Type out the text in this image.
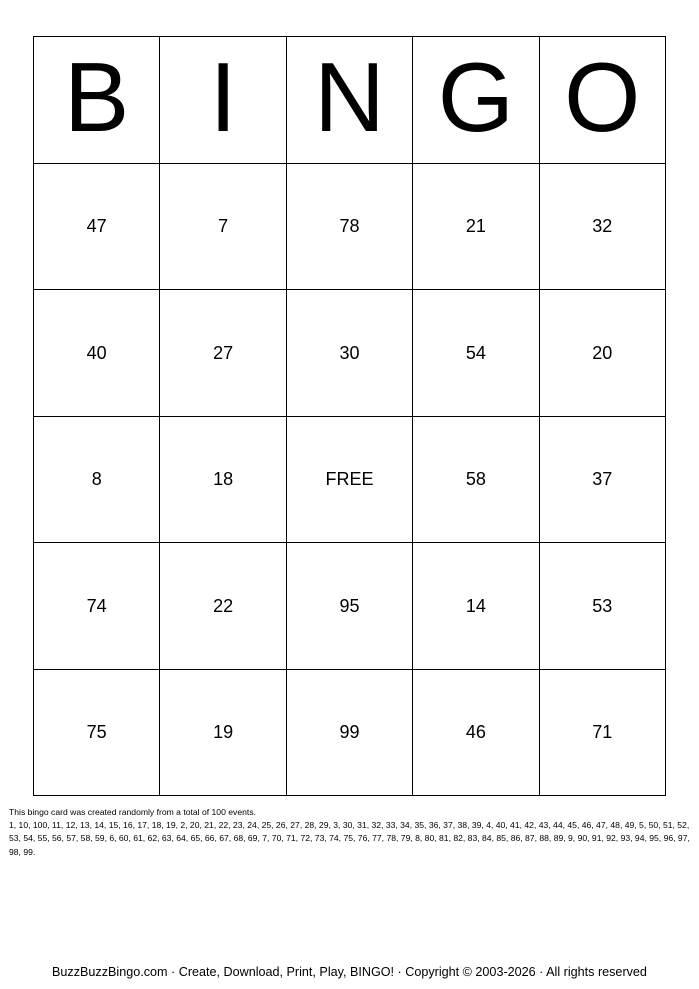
B I N G O
47	7	78	21	32
40	27	30	54	20
8	18	FREE	58	37
74	22	95	14	53
75	19	99	46	71

This bingo card was created randomly from a total of 100 events.

1, 10, 100, 11, 12, 13, 14, 15, 16, 17, 18, 19, 2, 20, 21, 22, 23, 24, 25, 26, 27, 28, 29, 3, 30, 31, 32, 33, 34, 35, 36, 37, 38, 39, 4, 40, 41, 42, 43, 44, 45, 46, 47, 48, 49, 5, 50, 51, 52, 53, 54, 55, 56, 57, 58, 59, 6, 60, 61, 62, 63, 64, 65, 66, 67, 68, 69, 7, 70, 71, 72, 73, 74, 75, 76, 77, 78, 79, 8, 80, 81, 82, 83, 84, 85, 86, 87, 88, 89, 9, 90, 91, 92, 93, 94, 95, 96, 97, 98, 99.

BuzzBuzzBingo.com · Create, Download, Print, Play, BINGO! · Copyright © 2003-2026 · All rights reserved
